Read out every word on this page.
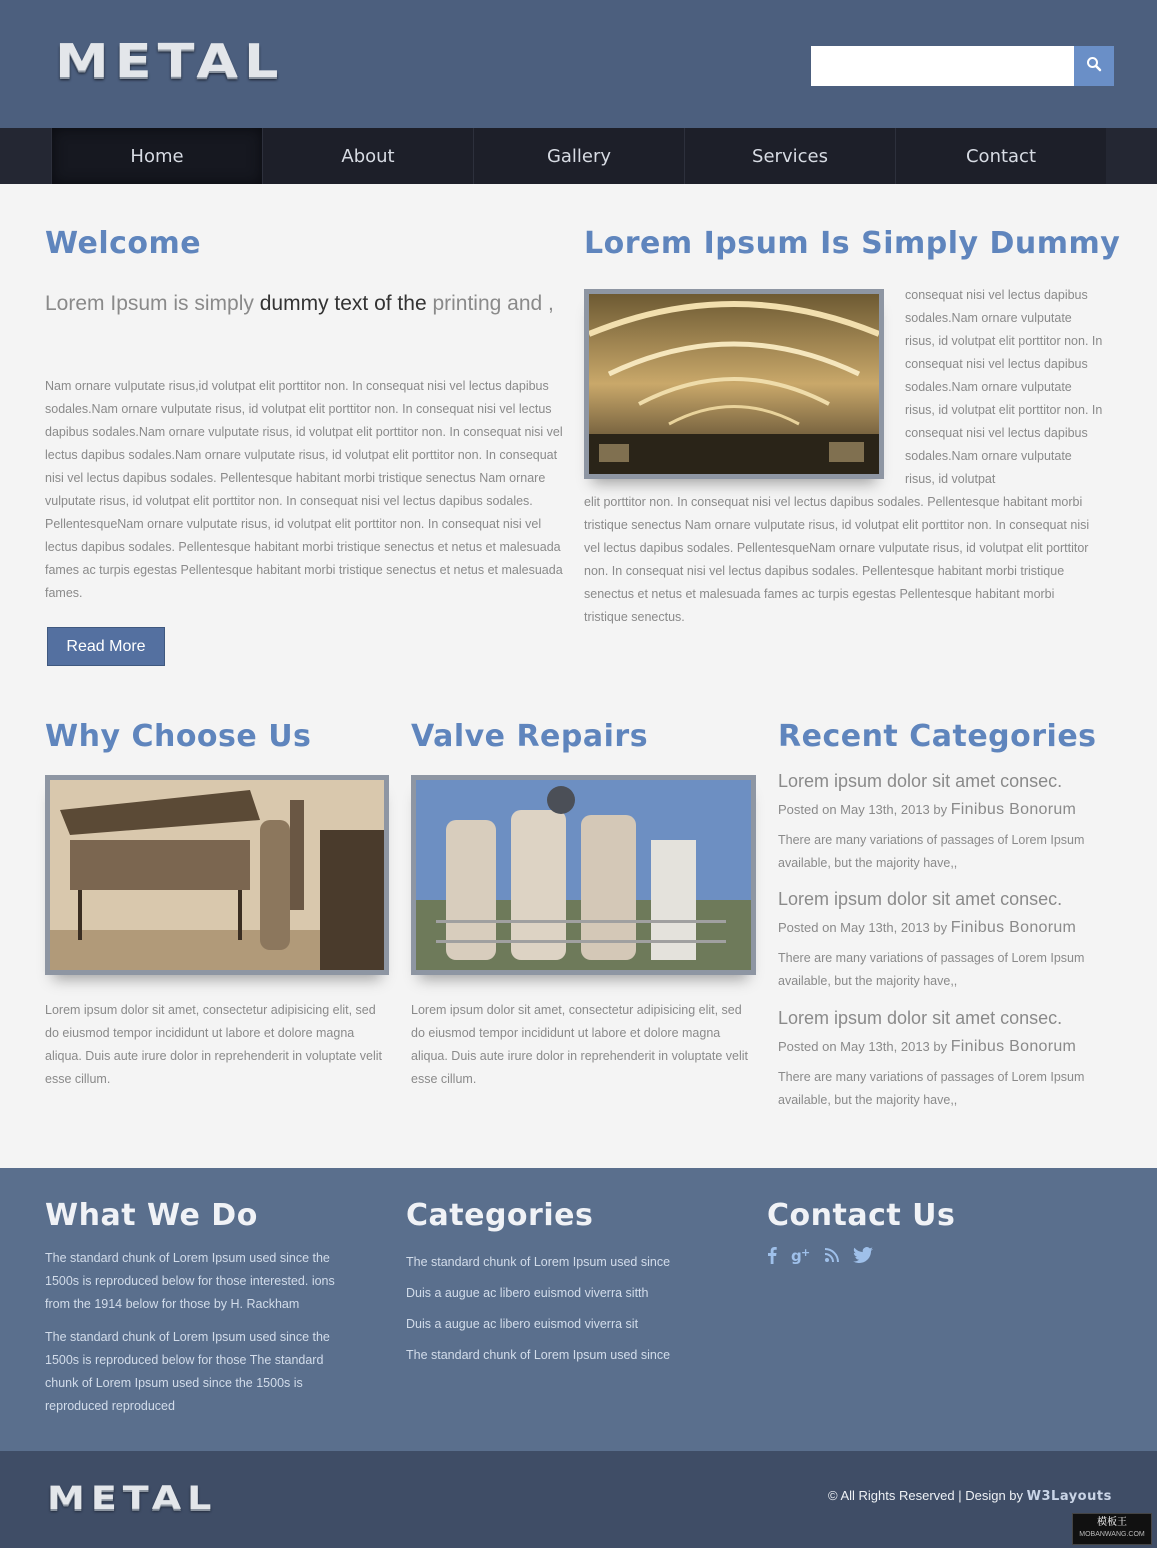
METAL
Home	About	Gallery	Services	Contact
Welcome
Lorem Ipsum is simply dummy text of the printing and ,
Nam ornare vulputate risus,id volutpat elit porttitor non. In consequat nisi vel lectus dapibus sodales.Nam ornare vulputate risus, id volutpat elit porttitor non. In consequat nisi vel lectus dapibus sodales.Nam ornare vulputate risus, id volutpat elit porttitor non. In consequat nisi vel lectus dapibus sodales.Nam ornare vulputate risus, id volutpat elit porttitor non. In consequat nisi vel lectus dapibus sodales. Pellentesque habitant morbi tristique senectus Nam ornare vulputate risus, id volutpat elit porttitor non. In consequat nisi vel lectus dapibus sodales. PellentesqueNam ornare vulputate risus, id volutpat elit porttitor non. In consequat nisi vel lectus dapibus sodales. Pellentesque habitant morbi tristique senectus et netus et malesuada fames ac turpis egestas Pellentesque habitant morbi tristique senectus et netus et malesuada fames.
Read More
Lorem Ipsum Is Simply Dummy
consequat nisi vel lectus dapibus sodales.Nam ornare vulputate risus, id volutpat elit porttitor non. In consequat nisi vel lectus dapibus sodales.Nam ornare vulputate risus, id volutpat elit porttitor non. In consequat nisi vel lectus dapibus sodales.Nam ornare vulputate risus, id volutpat
elit porttitor non. In consequat nisi vel lectus dapibus sodales. Pellentesque habitant morbi tristique senectus Nam ornare vulputate risus, id volutpat elit porttitor non. In consequat nisi vel lectus dapibus sodales. PellentesqueNam ornare vulputate risus, id volutpat elit porttitor non. In consequat nisi vel lectus dapibus sodales. Pellentesque habitant morbi tristique senectus et netus et malesuada fames ac turpis egestas Pellentesque habitant morbi tristique senectus.
Why Choose Us
Lorem ipsum dolor sit amet, consectetur adipisicing elit, sed do eiusmod tempor incididunt ut labore et dolore magna aliqua. Duis aute irure dolor in reprehenderit in voluptate velit esse cillum.
Valve Repairs
Lorem ipsum dolor sit amet, consectetur adipisicing elit, sed do eiusmod tempor incididunt ut labore et dolore magna aliqua. Duis aute irure dolor in reprehenderit in voluptate velit esse cillum.
Recent Categories
Lorem ipsum dolor sit amet consec.
Posted on May 13th, 2013 by Finibus Bonorum
There are many variations of passages of Lorem Ipsum available, but the majority have,,
Lorem ipsum dolor sit amet consec.
Posted on May 13th, 2013 by Finibus Bonorum
There are many variations of passages of Lorem Ipsum available, but the majority have,,
Lorem ipsum dolor sit amet consec.
Posted on May 13th, 2013 by Finibus Bonorum
There are many variations of passages of Lorem Ipsum available, but the majority have,,
What We Do
The standard chunk of Lorem Ipsum used since the 1500s is reproduced below for those interested. ions from the 1914 below for those by H. Rackham
The standard chunk of Lorem Ipsum used since the 1500s is reproduced below for those The standard chunk of Lorem Ipsum used since the 1500s is reproduced reproduced
Categories
The standard chunk of Lorem Ipsum used since
Duis a augue ac libero euismod viverra sitth
Duis a augue ac libero euismod viverra sit
The standard chunk of Lorem Ipsum used since
Contact Us
g +
METAL	© All Rights Reserved | Design by W3Layouts
模板王
MOBANWANG.COM
